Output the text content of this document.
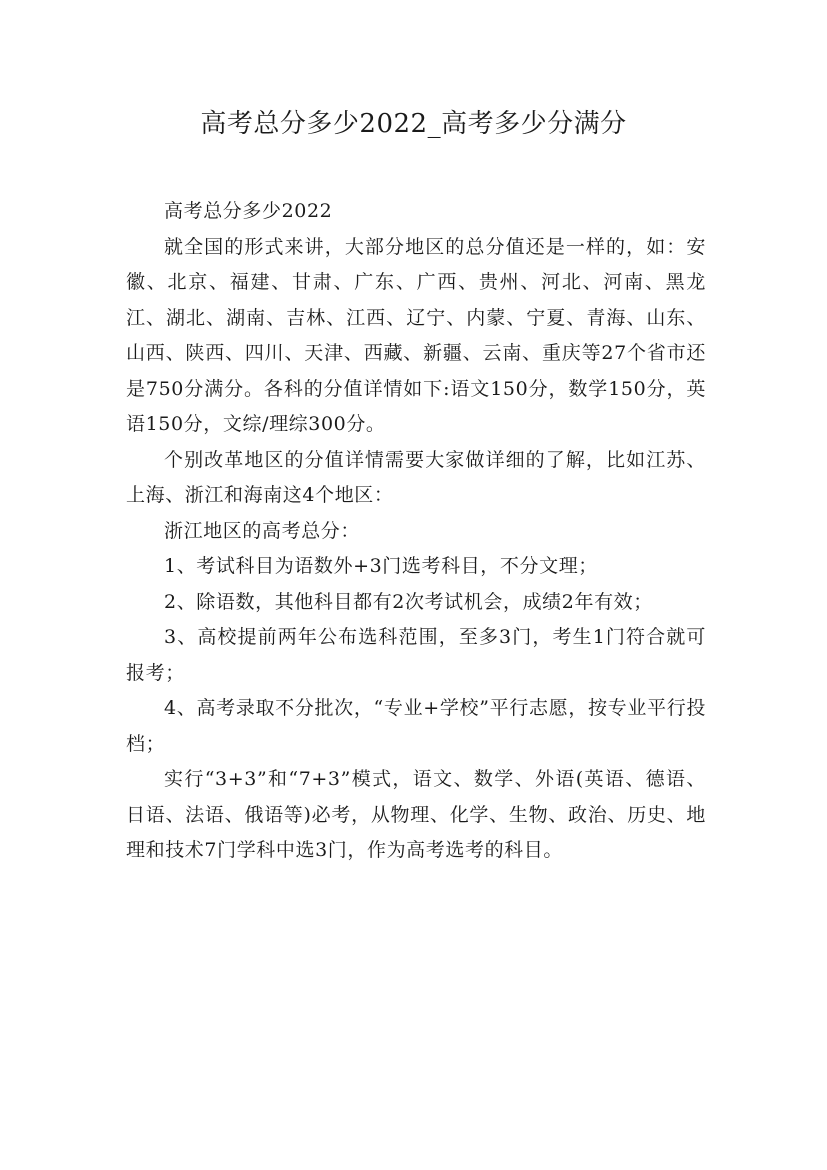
高考总分多少2022_高考多少分满分

高考总分多少2022

就全国的形式来讲，大部分地区的总分值还是一样的，如：安徽、北京、福建、甘肃、广东、广西、贵州、河北、河南、黑龙江、湖北、湖南、吉林、江西、辽宁、内蒙、宁夏、青海、山东、山西、陕西、四川、天津、西藏、新疆、云南、重庆等27个省市还是750分满分。各科的分值详情如下:语文150分，数学150分，英语150分，文综/理综300分。

个别改革地区的分值详情需要大家做详细的了解，比如江苏、上海、浙江和海南这4个地区：

浙江地区的高考总分：

1、考试科目为语数外+3门选考科目，不分文理；

2、除语数，其他科目都有2次考试机会，成绩2年有效；

3、高校提前两年公布选科范围，至多3门，考生1门符合就可报考；

4、高考录取不分批次，“专业+学校”平行志愿，按专业平行投档；

实行“3+3”和“7+3”模式，语文、数学、外语(英语、德语、日语、法语、俄语等)必考，从物理、化学、生物、政治、历史、地理和技术7门学科中选3门，作为高考选考的科目。
